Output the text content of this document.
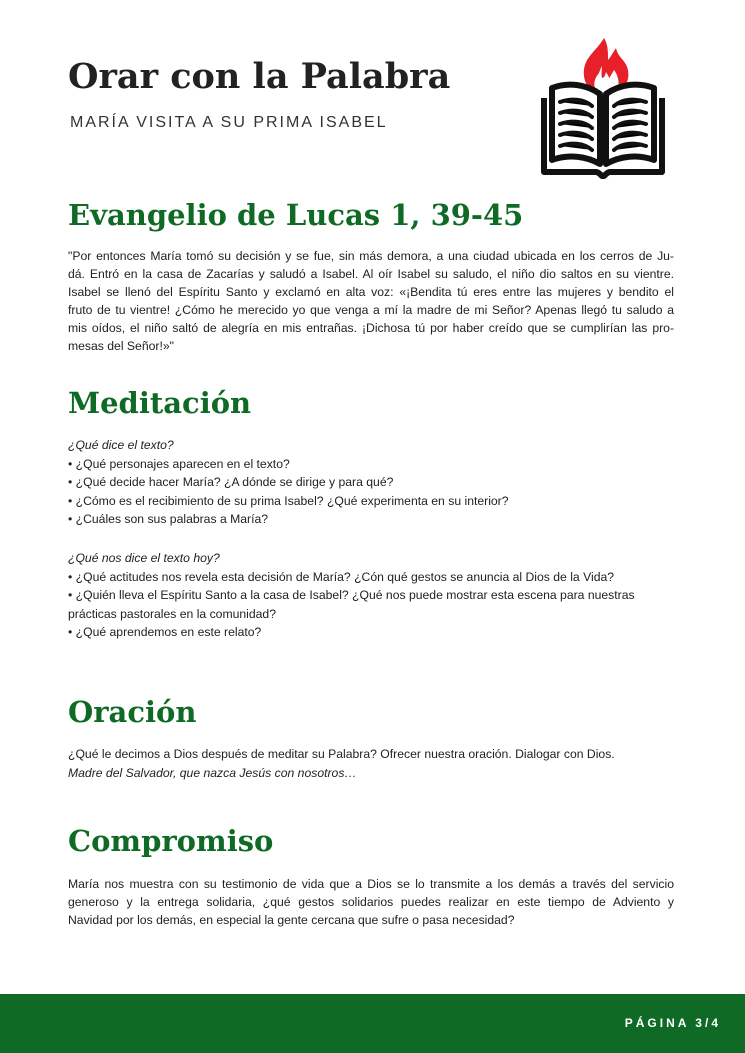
Orar con la Palabra
MARÍA VISITA A SU PRIMA ISABEL
Evangelio de Lucas 1, 39-45
"Por entonces María tomó su decisión y se fue, sin más demora, a una ciudad ubicada en los cerros de Ju-
dá. Entró en la casa de Zacarías y saludó a Isabel. Al oír Isabel su saludo, el niño dio saltos en su vientre.
Isabel se llenó del Espíritu Santo y exclamó en alta voz: «¡Bendita tú eres entre las mujeres y bendito el
fruto de tu vientre! ¿Cómo he merecido yo que venga a mí la madre de mi Señor? Apenas llegó tu saludo a
mis oídos, el niño saltó de alegría en mis entrañas. ¡Dichosa tú por haber creído que se cumplirían las pro-
mesas del Señor!»"
Meditación
¿Qué dice el texto?
• ¿Qué personajes aparecen en el texto?
• ¿Qué decide hacer María? ¿A dónde se dirige y para qué?
• ¿Cómo es el recibimiento de su prima Isabel? ¿Qué experimenta en su interior?
• ¿Cuáles son sus palabras a María?
¿Qué nos dice el texto hoy?
• ¿Qué actitudes nos revela esta decisión de María? ¿Cón qué gestos se anuncia al Dios de la Vida?
• ¿Quién lleva el Espíritu Santo a la casa de Isabel? ¿Qué nos puede mostrar esta escena para nuestras
prácticas pastorales en la comunidad?
• ¿Qué aprendemos en este relato?
Oración
¿Qué le decimos a Dios después de meditar su Palabra? Ofrecer nuestra oración. Dialogar con Dios.
Madre del Salvador, que nazca Jesús con nosotros…
Compromiso
María nos muestra con su testimonio de vida que a Dios se lo transmite a los demás a través del servicio
generoso y la entrega solidaria, ¿qué gestos solidarios puedes realizar en este tiempo de Adviento y
Navidad por los demás, en especial la gente cercana que sufre o pasa necesidad?
PÁGINA 3/4
